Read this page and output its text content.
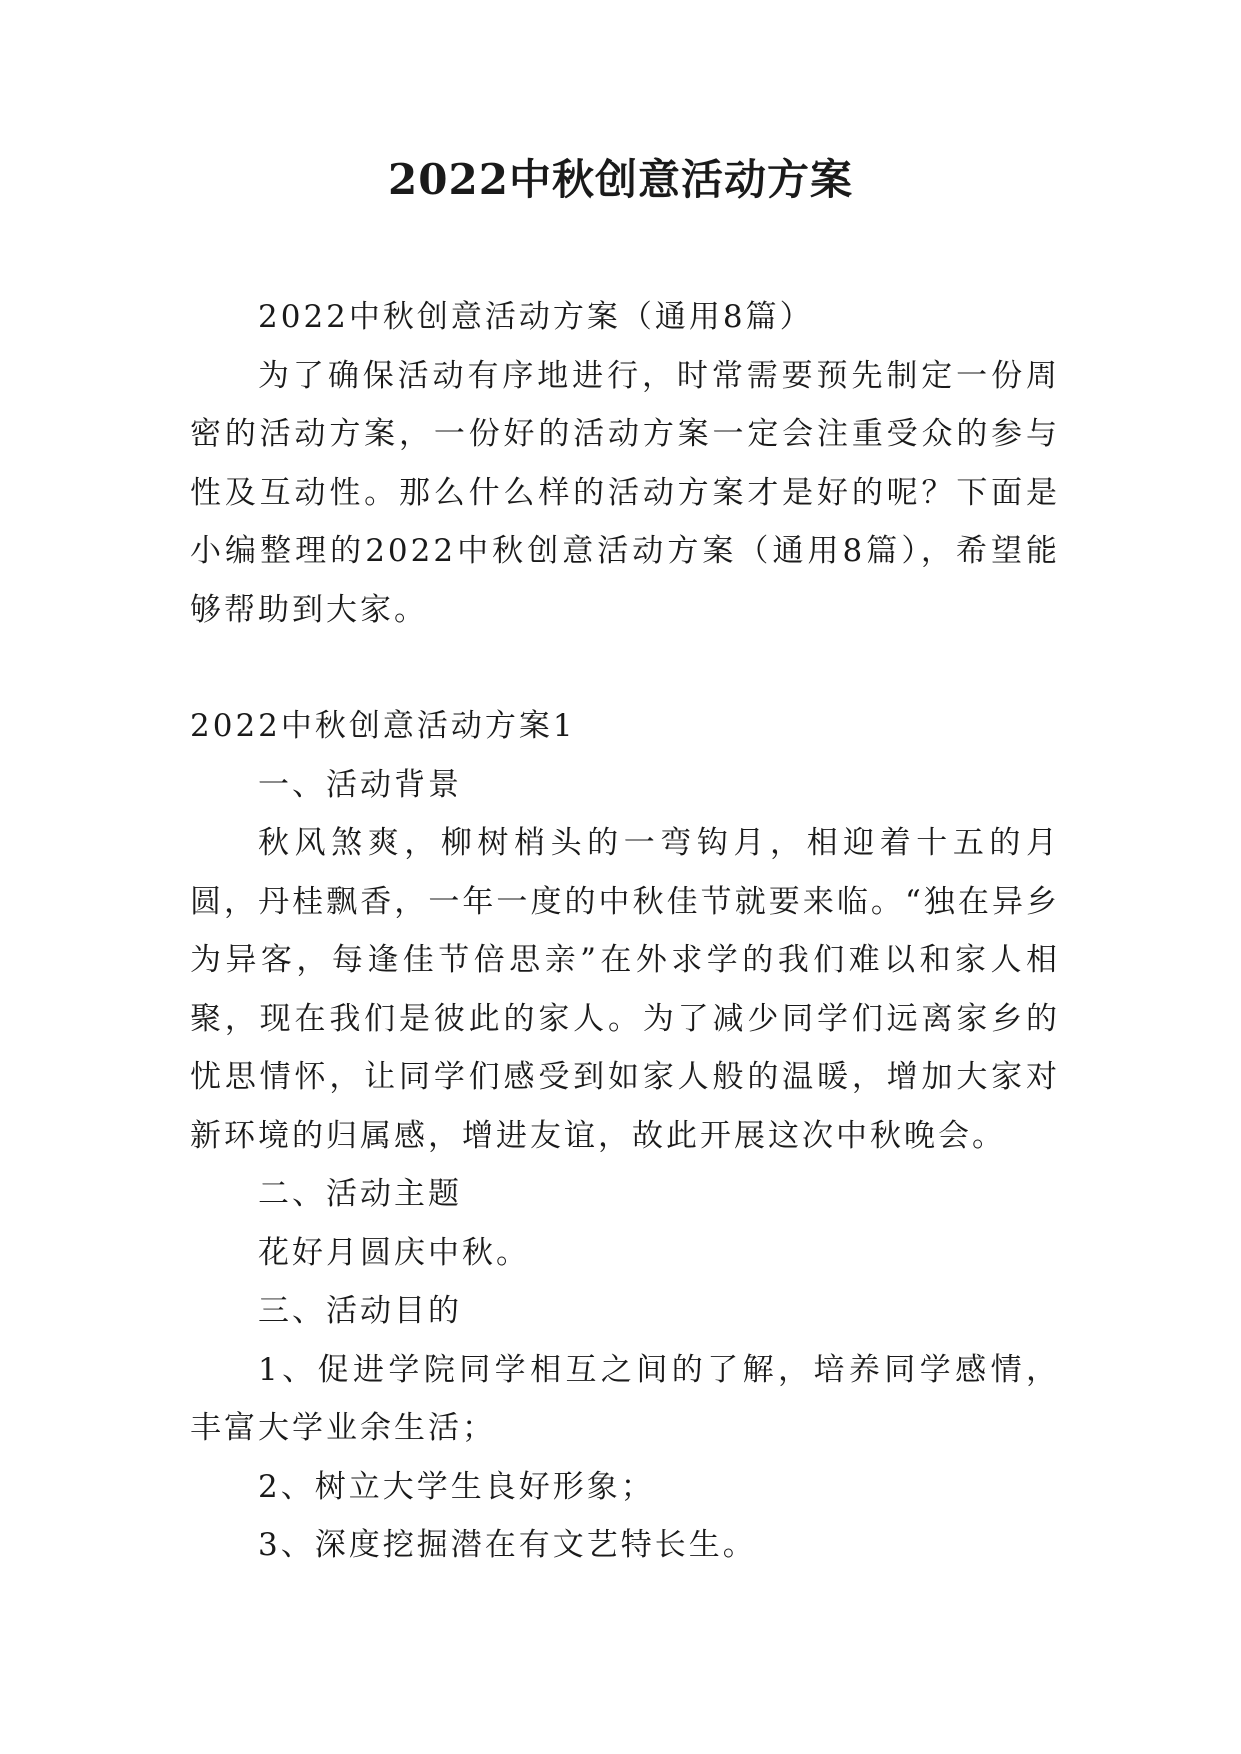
2022中秋创意活动方案

2022中秋创意活动方案（通用8篇）

为了确保活动有序地进行，时常需要预先制定一份周密的活动方案，一份好的活动方案一定会注重受众的参与性及互动性。那么什么样的活动方案才是好的呢？下面是小编整理的2022中秋创意活动方案（通用8篇），希望能够帮助到大家。

2022中秋创意活动方案1

一、活动背景

秋风煞爽，柳树梢头的一弯钩月，相迎着十五的月圆，丹桂飘香，一年一度的中秋佳节就要来临。“独在异乡为异客，每逢佳节倍思亲”在外求学的我们难以和家人相聚，现在我们是彼此的家人。为了减少同学们远离家乡的忧思情怀，让同学们感受到如家人般的温暖，增加大家对新环境的归属感，增进友谊，故此开展这次中秋晚会。

二、活动主题

花好月圆庆中秋。

三、活动目的

1、促进学院同学相互之间的了解，培养同学感情，丰富大学业余生活；

2、树立大学生良好形象；

3、深度挖掘潜在有文艺特长生。
